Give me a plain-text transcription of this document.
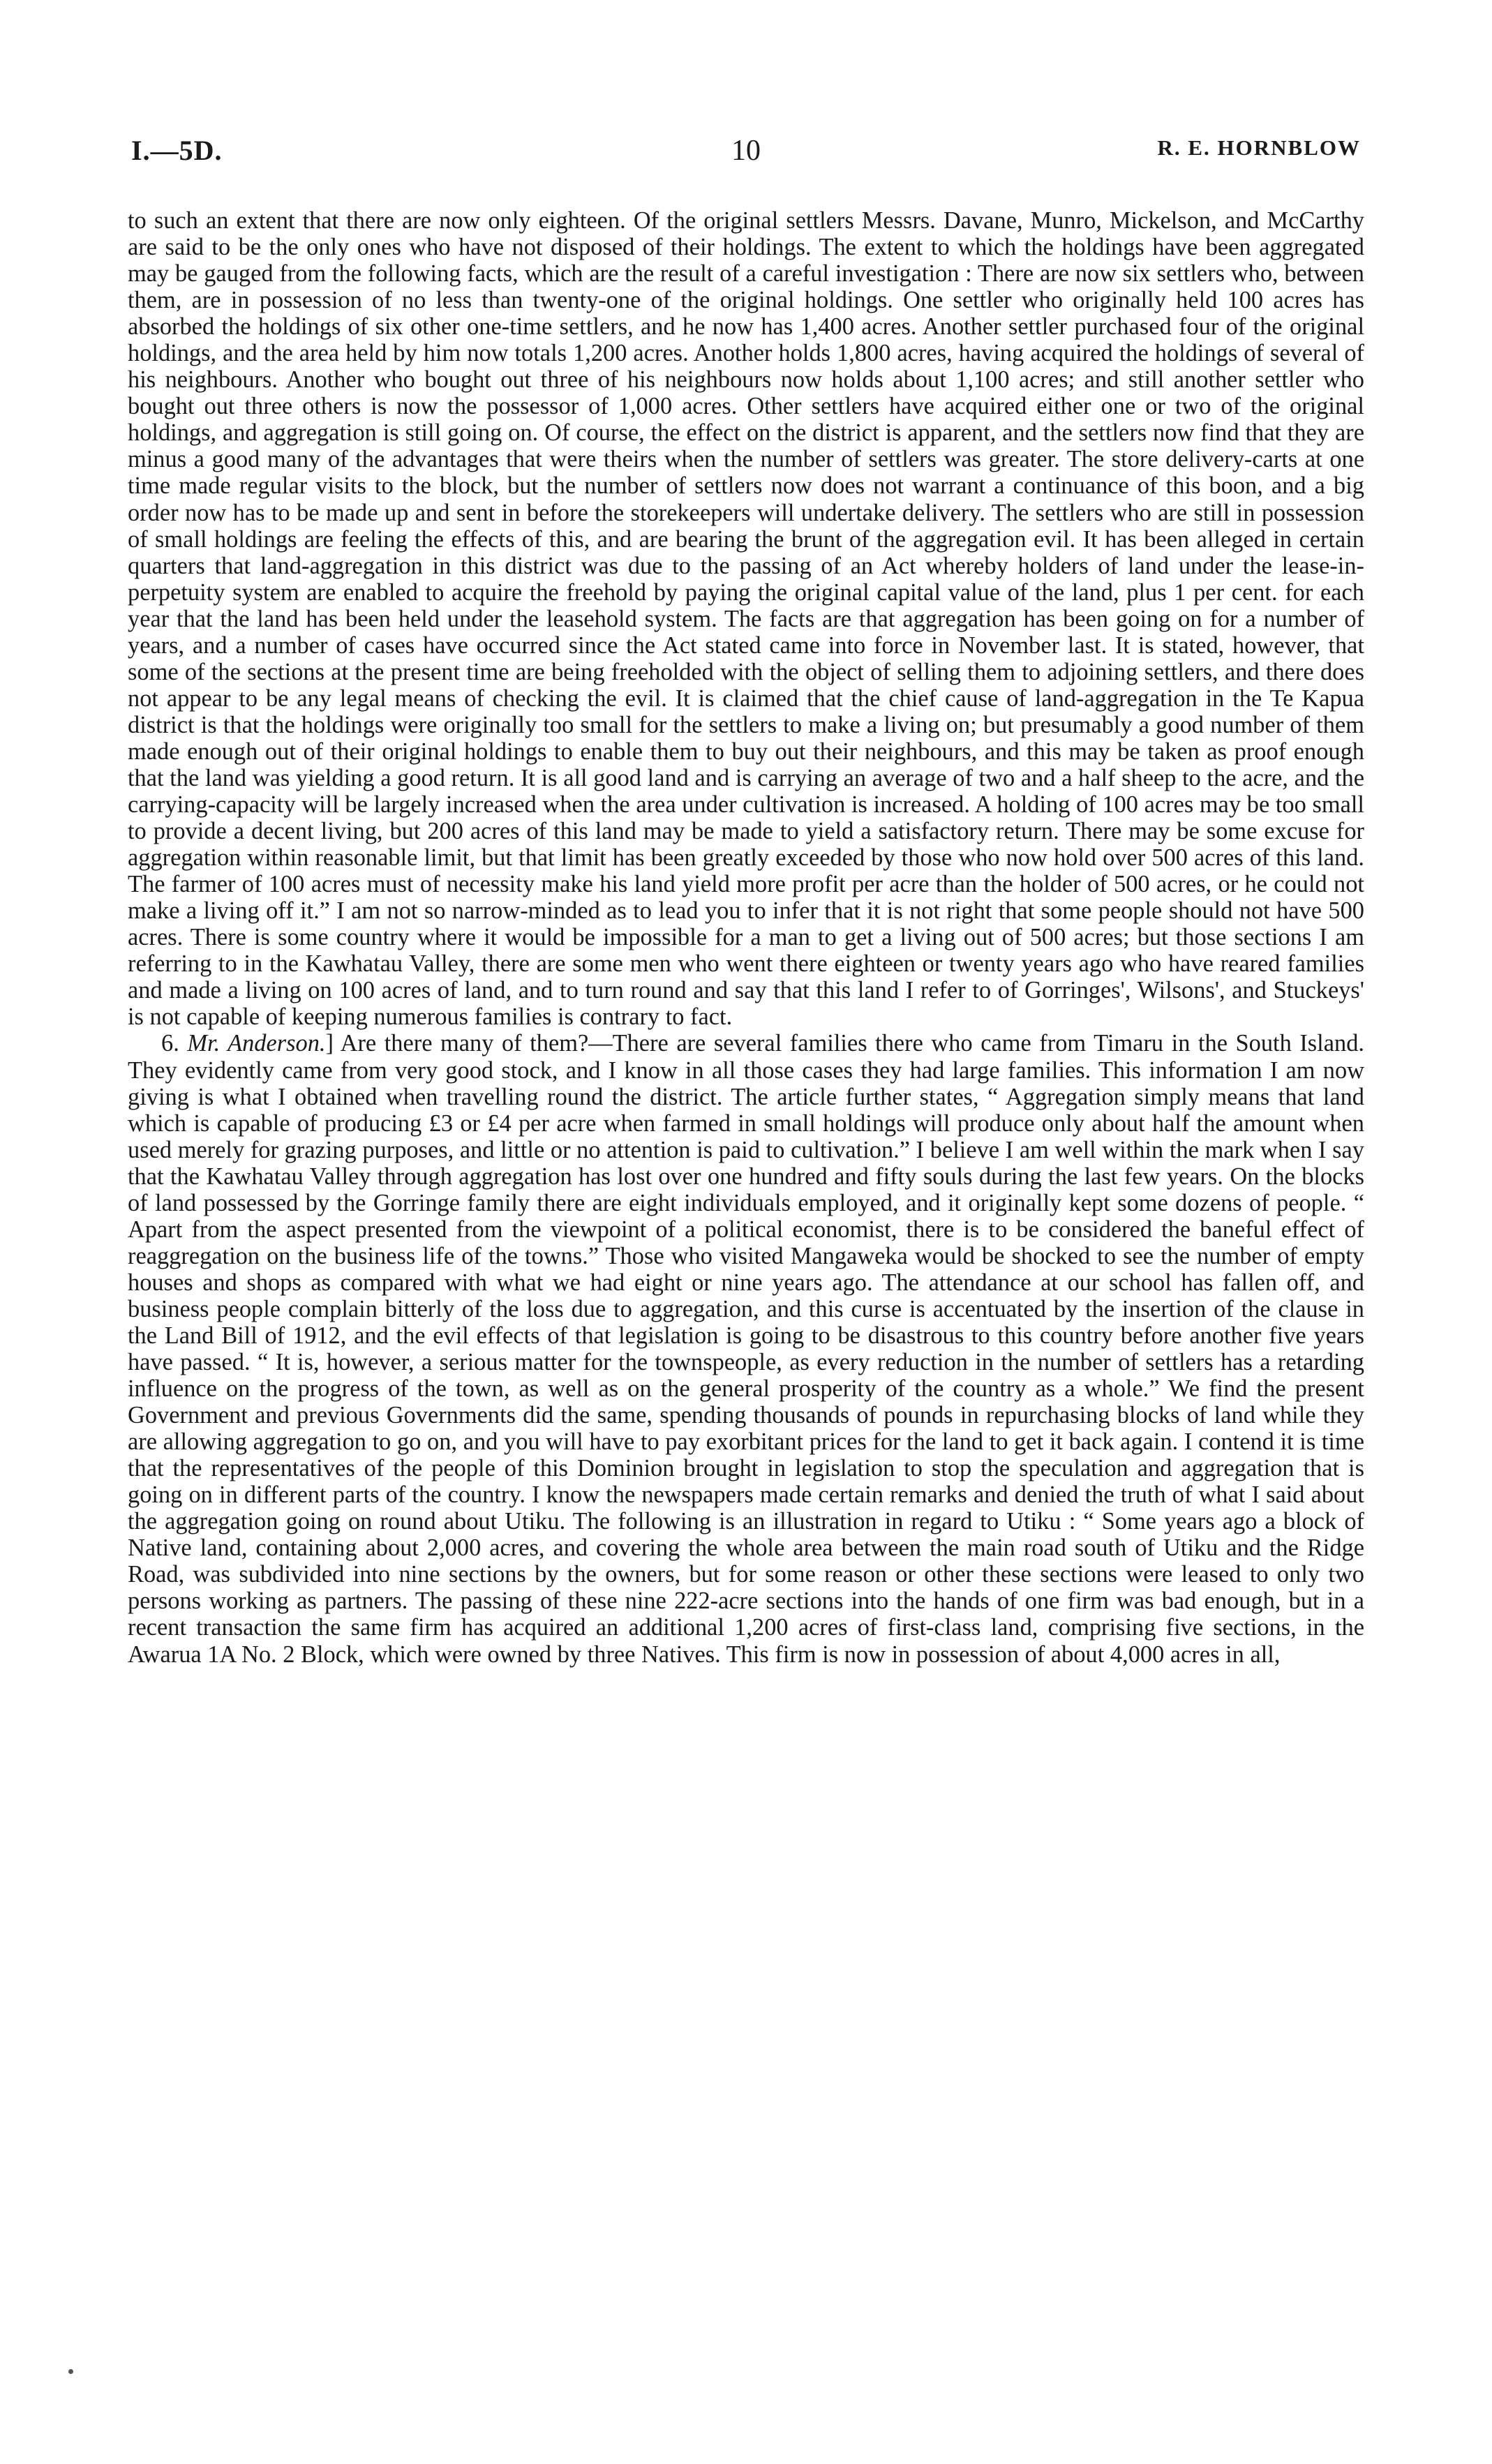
I.—5D.	10	R. E. HORNBLOW

to such an extent that there are now only eighteen. Of the original settlers Messrs. Davane, Munro, Mickelson, and McCarthy are said to be the only ones who have not disposed of their holdings. The extent to which the holdings have been aggregated may be gauged from the following facts, which are the result of a careful investigation : There are now six settlers who, between them, are in possession of no less than twenty-one of the original holdings. One settler who originally held 100 acres has absorbed the holdings of six other one-time settlers, and he now has 1,400 acres. Another settler purchased four of the original holdings, and the area held by him now totals 1,200 acres. Another holds 1,800 acres, having acquired the holdings of several of his neighbours. Another who bought out three of his neighbours now holds about 1,100 acres; and still another settler who bought out three others is now the possessor of 1,000 acres. Other settlers have acquired either one or two of the original holdings, and aggregation is still going on. Of course, the effect on the district is apparent, and the settlers now find that they are minus a good many of the advantages that were theirs when the number of settlers was greater. The store delivery-carts at one time made regular visits to the block, but the number of settlers now does not warrant a continuance of this boon, and a big order now has to be made up and sent in before the storekeepers will undertake delivery. The settlers who are still in possession of small holdings are feeling the effects of this, and are bearing the brunt of the aggregation evil. It has been alleged in certain quarters that land-aggregation in this district was due to the passing of an Act whereby holders of land under the lease-in-perpetuity system are enabled to acquire the freehold by paying the original capital value of the land, plus 1 per cent. for each year that the land has been held under the leasehold system. The facts are that aggregation has been going on for a number of years, and a number of cases have occurred since the Act stated came into force in November last. It is stated, however, that some of the sections at the present time are being freeholded with the object of selling them to adjoining settlers, and there does not appear to be any legal means of checking the evil. It is claimed that the chief cause of land-aggregation in the Te Kapua district is that the holdings were originally too small for the settlers to make a living on; but presumably a good number of them made enough out of their original holdings to enable them to buy out their neighbours, and this may be taken as proof enough that the land was yielding a good return. It is all good land and is carrying an average of two and a half sheep to the acre, and the carrying-capacity will be largely increased when the area under cultivation is increased. A holding of 100 acres may be too small to provide a decent living, but 200 acres of this land may be made to yield a satisfactory return. There may be some excuse for aggregation within reasonable limit, but that limit has been greatly exceeded by those who now hold over 500 acres of this land. The farmer of 100 acres must of necessity make his land yield more profit per acre than the holder of 500 acres, or he could not make a living off it.” I am not so narrow-minded as to lead you to infer that it is not right that some people should not have 500 acres. There is some country where it would be impossible for a man to get a living out of 500 acres; but those sections I am referring to in the Kawhatau Valley, there are some men who went there eighteen or twenty years ago who have reared families and made a living on 100 acres of land, and to turn round and say that this land I refer to of Gorringes', Wilsons', and Stuckeys' is not capable of keeping numerous families is contrary to fact.

6. Mr. Anderson.] Are there many of them?—There are several families there who came from Timaru in the South Island. They evidently came from very good stock, and I know in all those cases they had large families. This information I am now giving is what I obtained when travelling round the district. The article further states, “ Aggregation simply means that land which is capable of producing £3 or £4 per acre when farmed in small holdings will produce only about half the amount when used merely for grazing purposes, and little or no attention is paid to cultivation.” I believe I am well within the mark when I say that the Kawhatau Valley through aggregation has lost over one hundred and fifty souls during the last few years. On the blocks of land possessed by the Gorringe family there are eight individuals employed, and it originally kept some dozens of people. “ Apart from the aspect presented from the viewpoint of a political economist, there is to be considered the baneful effect of reaggregation on the business life of the towns.” Those who visited Mangaweka would be shocked to see the number of empty houses and shops as compared with what we had eight or nine years ago. The attendance at our school has fallen off, and business people complain bitterly of the loss due to aggregation, and this curse is accentuated by the insertion of the clause in the Land Bill of 1912, and the evil effects of that legislation is going to be disastrous to this country before another five years have passed. “ It is, however, a serious matter for the townspeople, as every reduction in the number of settlers has a retarding influence on the progress of the town, as well as on the general prosperity of the country as a whole.” We find the present Government and previous Governments did the same, spending thousands of pounds in repurchasing blocks of land while they are allowing aggregation to go on, and you will have to pay exorbitant prices for the land to get it back again. I contend it is time that the representatives of the people of this Dominion brought in legislation to stop the speculation and aggregation that is going on in different parts of the country. I know the newspapers made certain remarks and denied the truth of what I said about the aggregation going on round about Utiku. The following is an illustration in regard to Utiku : “ Some years ago a block of Native land, containing about 2,000 acres, and covering the whole area between the main road south of Utiku and the Ridge Road, was subdivided into nine sections by the owners, but for some reason or other these sections were leased to only two persons working as partners. The passing of these nine 222-acre sections into the hands of one firm was bad enough, but in a recent transaction the same firm has acquired an additional 1,200 acres of first-class land, comprising five sections, in the Awarua 1A No. 2 Block, which were owned by three Natives. This firm is now in possession of about 4,000 acres in all,
